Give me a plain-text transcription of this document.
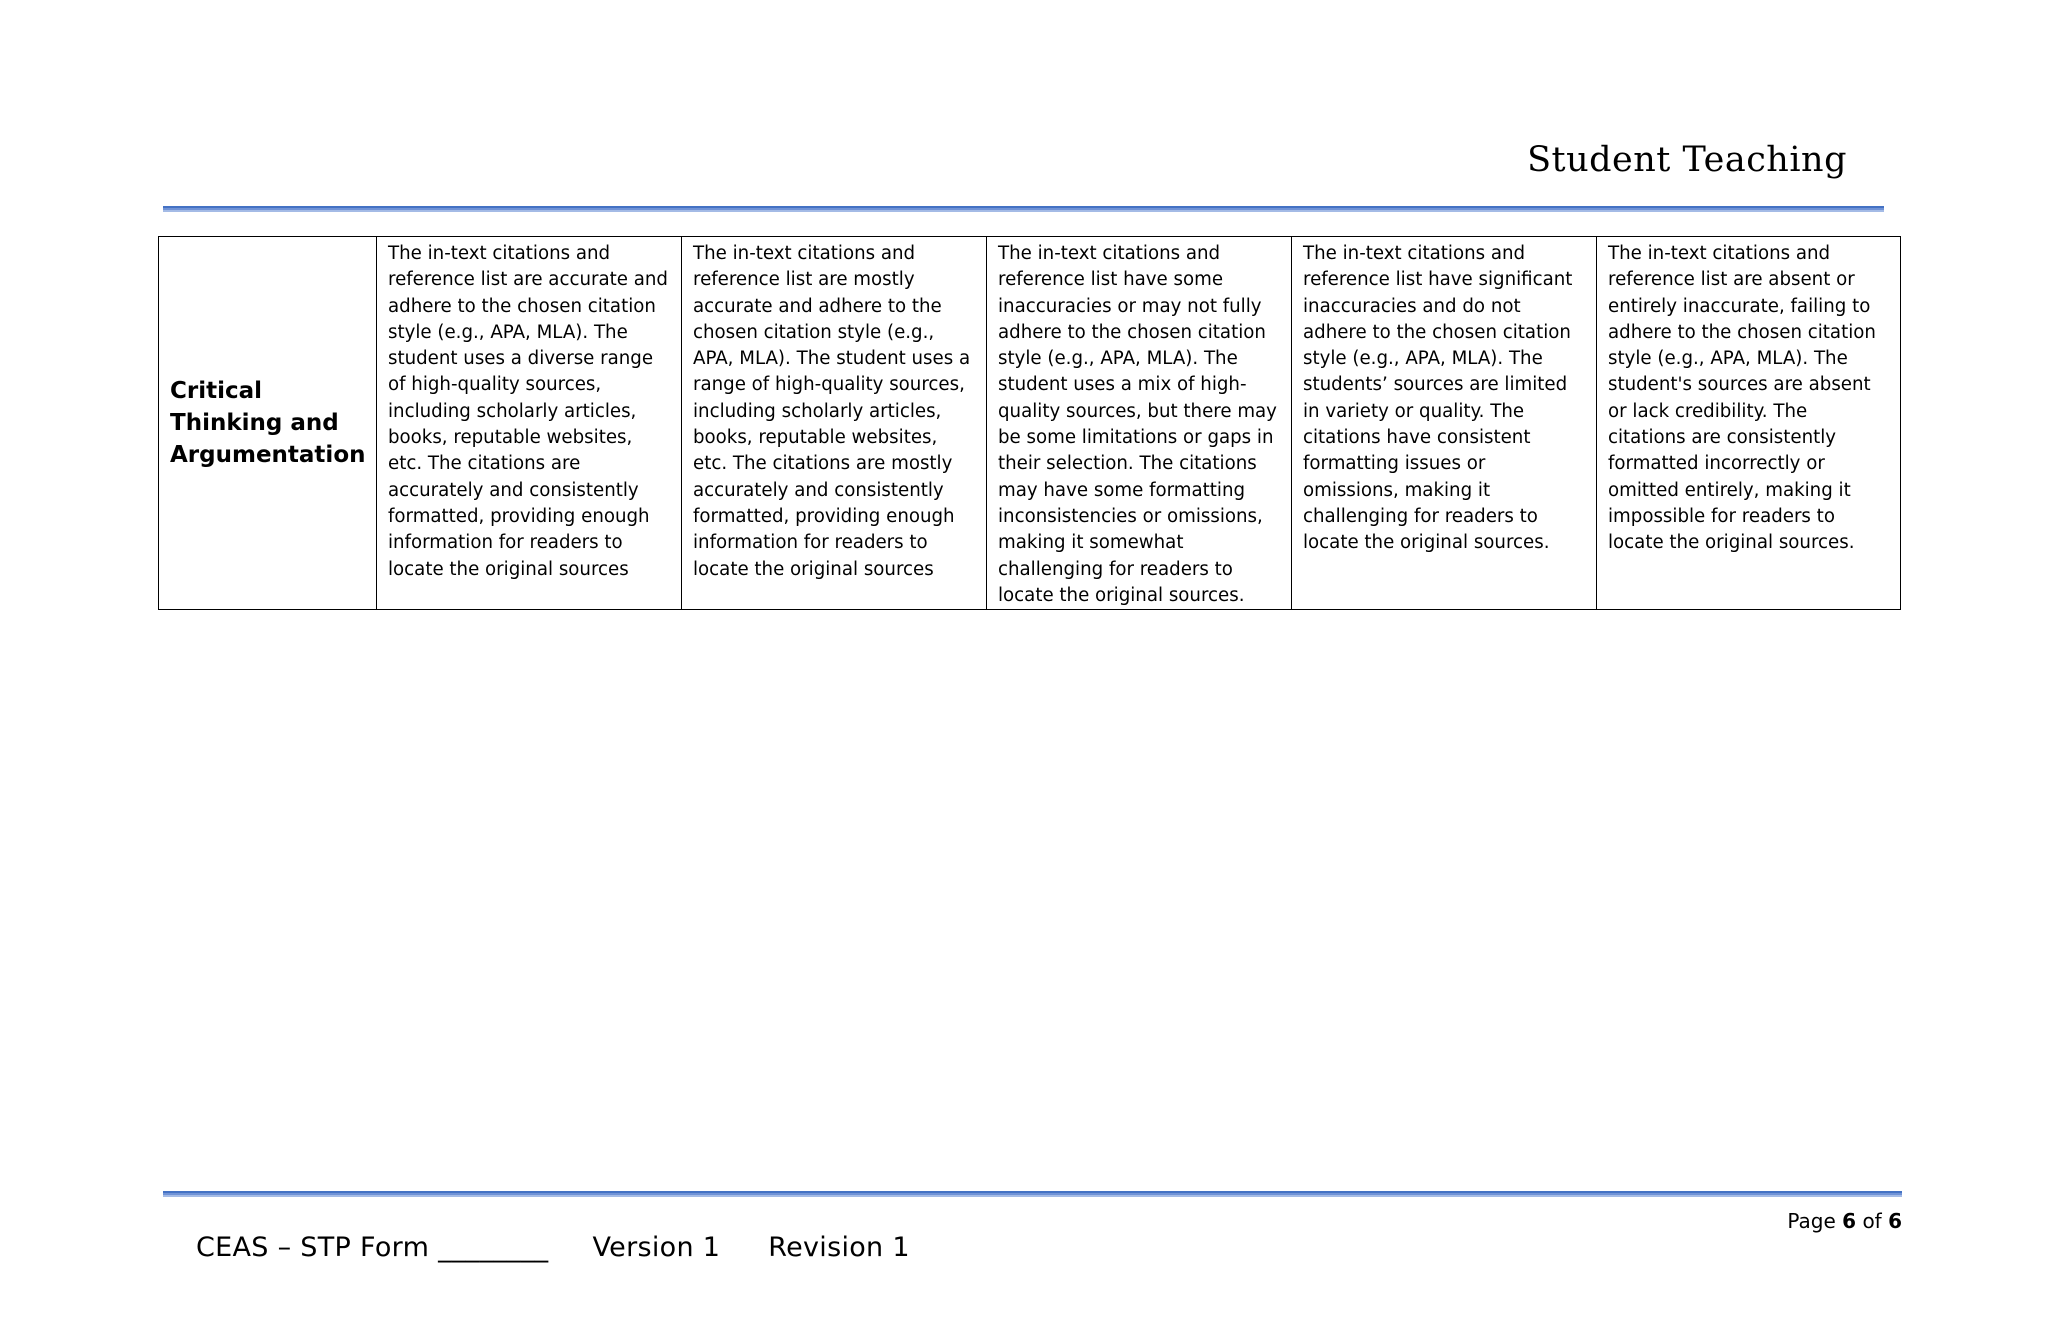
Student Teaching
Critical Thinking and Argumentation	The in-text citations and reference list are accurate and adhere to the chosen citation style (e.g., APA, MLA). The student uses a diverse range of high-quality sources, including scholarly articles, books, reputable websites, etc. The citations are accurately and consistently formatted, providing enough information for readers to locate the original sources	The in-text citations and reference list are mostly accurate and adhere to the chosen citation style (e.g., APA, MLA). The student uses a range of high-quality sources, including scholarly articles, books, reputable websites, etc. The citations are mostly accurately and consistently formatted, providing enough information for readers to locate the original sources	The in-text citations and reference list have some inaccuracies or may not fully adhere to the chosen citation style (e.g., APA, MLA). The student uses a mix of high-quality sources, but there may be some limitations or gaps in their selection. The citations may have some formatting inconsistencies or omissions, making it somewhat challenging for readers to locate the original sources.	The in-text citations and reference list have significant inaccuracies and do not adhere to the chosen citation style (e.g., APA, MLA). The students’ sources are limited in variety or quality. The citations have consistent formatting issues or omissions, making it challenging for readers to locate the original sources.	The in-text citations and reference list are absent or entirely inaccurate, failing to adhere to the chosen citation style (e.g., APA, MLA). The student's sources are absent or lack credibility. The citations are consistently formatted incorrectly or omitted entirely, making it impossible for readers to locate the original sources.
Page 6 of 6
CEAS – STP Form ________ Version 1 Revision 1
